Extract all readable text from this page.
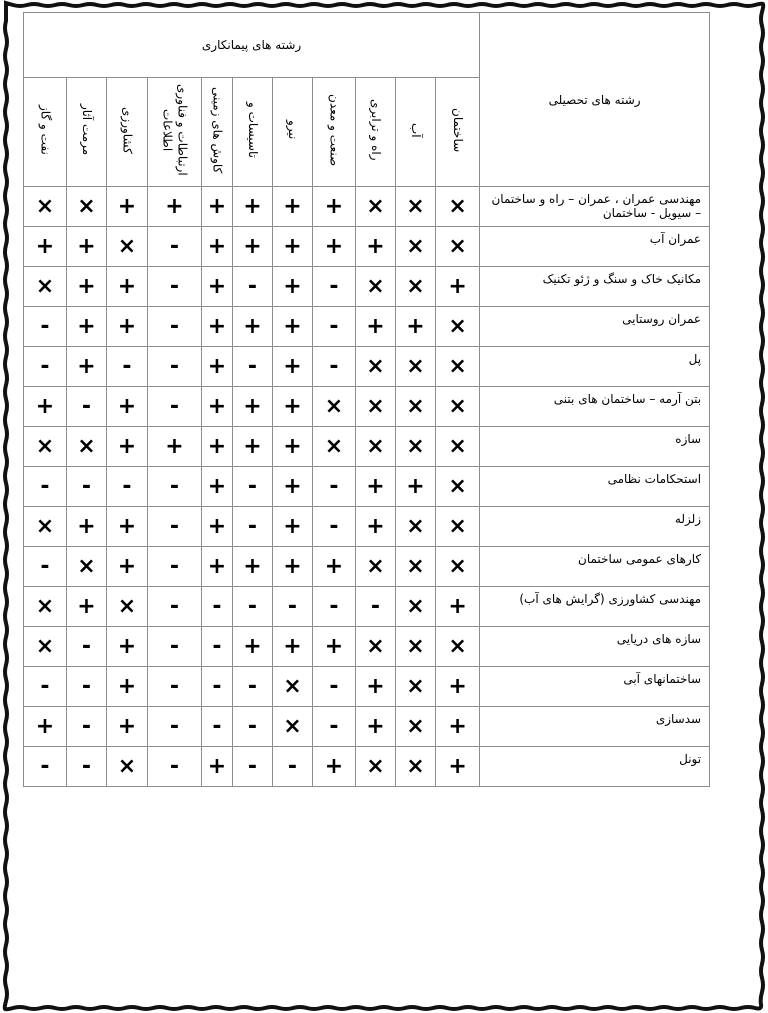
رشته های پیمانکاری											رشته های تحصیلی
نفت و گاز	مرمت آثار	کشاورزی	ارتباطات و فناوری اطلاعات	کاوش های زمینی	تاسیسات و	نیرو	صنعت و معدن	راه و ترابری	آب	ساختمان	
×	×	+	+	+	+	+	+	×	×	×	مهندسی عمران ، عمران – راه و ساختمان – سیویل - ساختمان
+	+	×	-	+	+	+	+	+	×	×	عمران آب
×	+	+	-	+	-	+	-	×	×	+	مکانیک خاک و سنگ و ژئو تکنیک
-	+	+	-	+	+	+	-	+	+	×	عمران روستایی
-	+	-	-	+	-	+	-	×	×	×	پل
+	-	+	-	+	+	+	×	×	×	×	بتن آرمه – ساختمان های بتنی
×	×	+	+	+	+	+	×	×	×	×	سازه
-	-	-	-	+	-	+	-	+	+	×	استحکامات نظامی
×	+	+	-	+	-	+	-	+	×	×	زلزله
-	×	+	-	+	+	+	+	×	×	×	کارهای عمومی ساختمان
×	+	×	-	-	-	-	-	-	×	+	مهندسی کشاورزی (گرایش های آب)
×	-	+	-	-	+	+	+	×	×	×	سازه های دریایی
-	-	+	-	-	-	×	-	+	×	+	ساختمانهای آبی
+	-	+	-	-	-	×	-	+	×	+	سدسازی
-	-	×	-	+	-	-	+	×	×	+	تونل
